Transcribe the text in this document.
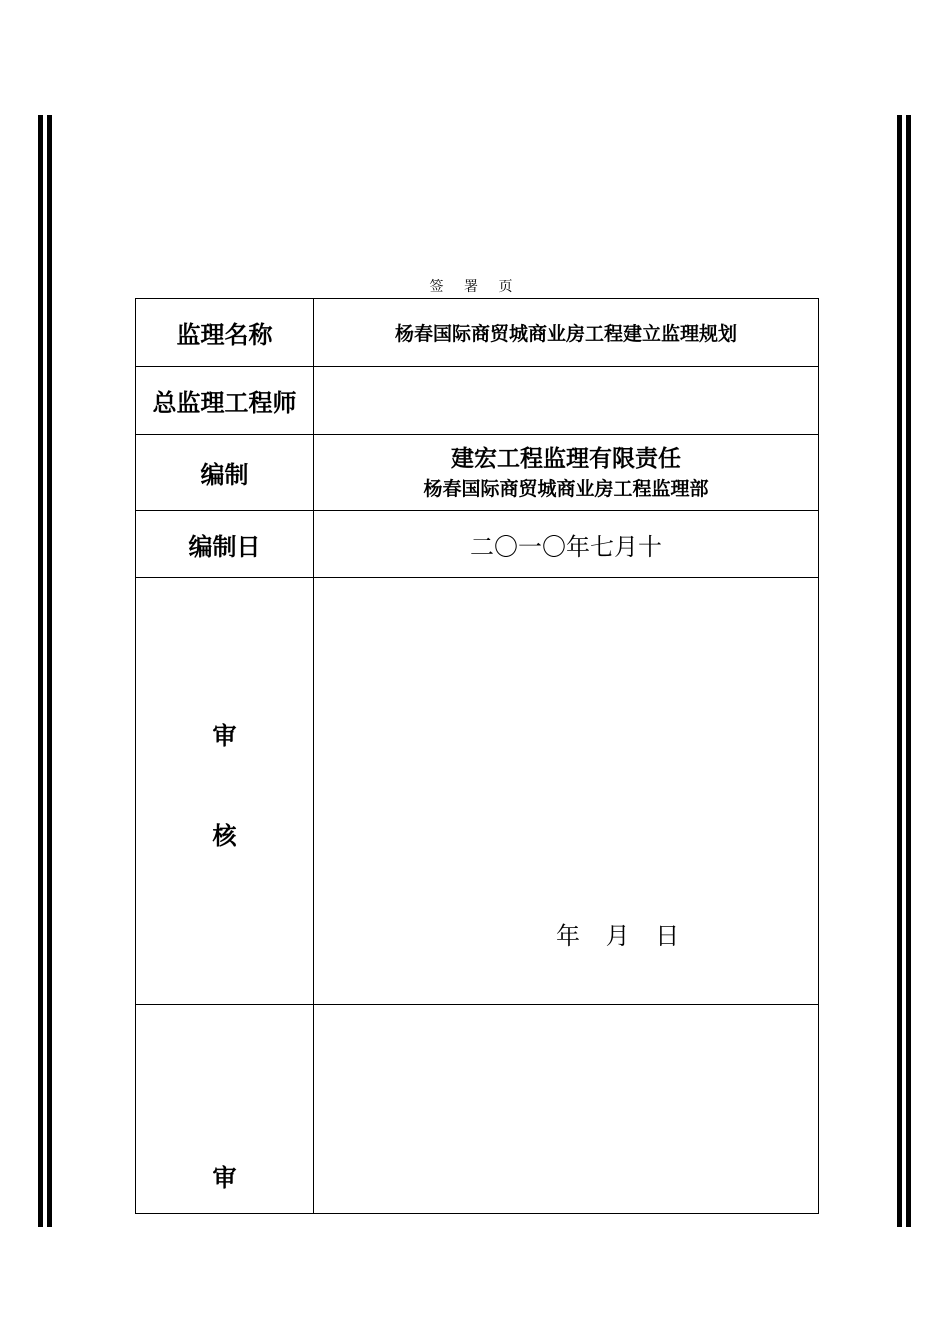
签 署 页
监理名称	杨春国际商贸城商业房工程建立监理规划
总监理工程师	
编制	建宏工程监理有限责任
杨春国际商贸城商业房工程监理部

编制日	二〇一〇年七月十

审
核	年 月 日

审	
